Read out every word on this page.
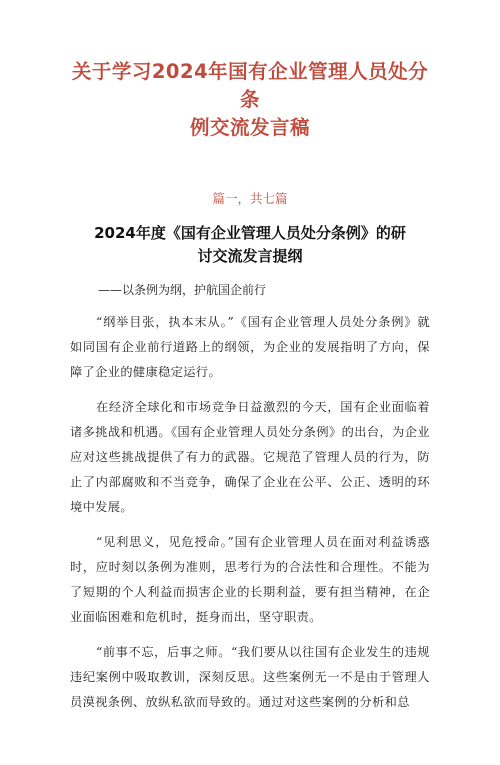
关于学习2024年国有企业管理人员处分条
例交流发言稿
篇一，共七篇
2024年度《国有企业管理人员处分条例》的研
讨交流发言提纲

——以条例为纲，护航国企前行

“纲举目张，执本末从。”《国有企业管理人员处分条例》就如同国有企业前行道路上的纲领，为企业的发展指明了方向，保障了企业的健康稳定运行。

在经济全球化和市场竞争日益激烈的今天，国有企业面临着诸多挑战和机遇。《国有企业管理人员处分条例》的出台，为企业应对这些挑战提供了有力的武器。它规范了管理人员的行为，防止了内部腐败和不当竞争，确保了企业在公平、公正、透明的环境中发展。

“见利思义，见危授命。”国有企业管理人员在面对利益诱惑时，应时刻以条例为准则，思考行为的合法性和合理性。不能为了短期的个人利益而损害企业的长期利益，要有担当精神，在企业面临困难和危机时，挺身而出，坚守职责。

“前事不忘，后事之师。“我们要从以往国有企业发生的违规违纪案例中吸取教训，深刻反思。这些案例无一不是由于管理人员漠视条例、放纵私欲而导致的。通过对这些案例的分析和总
